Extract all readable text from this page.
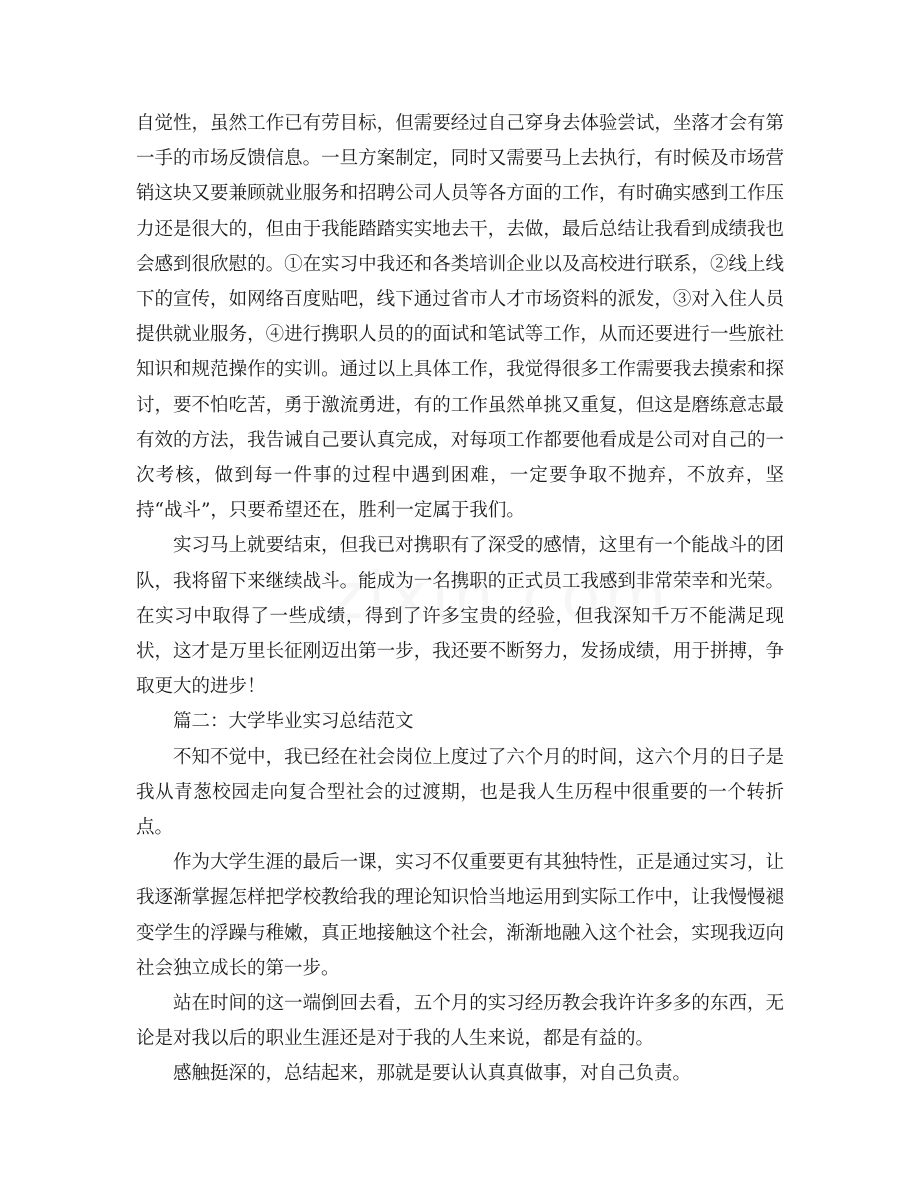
自觉性，虽然工作已有劳目标，但需要经过自己穿身去体验尝试，坐落才会有第一手的市场反馈信息。一旦方案制定，同时又需要马上去执行，有时候及市场营销这块又要兼顾就业服务和招聘公司人员等各方面的工作，有时确实感到工作压力还是很大的，但由于我能踏踏实实地去干，去做，最后总结让我看到成绩我也会感到很欣慰的。①在实习中我还和各类培训企业以及高校进行联系，②线上线下的宣传，如网络百度贴吧，线下通过省市人才市场资料的派发，③对入住人员提供就业服务，④进行携职人员的的面试和笔试等工作，从而还要进行一些旅社知识和规范操作的实训。通过以上具体工作，我觉得很多工作需要我去摸索和探讨，要不怕吃苦，勇于激流勇进，有的工作虽然单挑又重复，但这是磨练意志最有效的方法，我告诫自己要认真完成，对每项工作都要他看成是公司对自己的一次考核，做到每一件事的过程中遇到困难，一定要争取不抛弃，不放弃，坚持“战斗”，只要希望还在，胜利一定属于我们。

实习马上就要结束，但我已对携职有了深受的感情，这里有一个能战斗的团队，我将留下来继续战斗。能成为一名携职的正式员工我感到非常荣幸和光荣。在实习中取得了一些成绩，得到了许多宝贵的经验，但我深知千万不能满足现状，这才是万里长征刚迈出第一步，我还要不断努力，发扬成绩，用于拼搏，争取更大的进步！

篇二：大学毕业实习总结范文

不知不觉中，我已经在社会岗位上度过了六个月的时间，这六个月的日子是我从青葱校园走向复合型社会的过渡期，也是我人生历程中很重要的一个转折点。

作为大学生涯的最后一课，实习不仅重要更有其独特性，正是通过实习，让我逐渐掌握怎样把学校教给我的理论知识恰当地运用到实际工作中，让我慢慢褪变学生的浮躁与稚嫩，真正地接触这个社会，渐渐地融入这个社会，实现我迈向社会独立成长的第一步。

站在时间的这一端倒回去看，五个月的实习经历教会我许许多多的东西，无论是对我以后的职业生涯还是对于我的人生来说，都是有益的。

感触挺深的，总结起来，那就是要认认真真做事，对自己负责。
